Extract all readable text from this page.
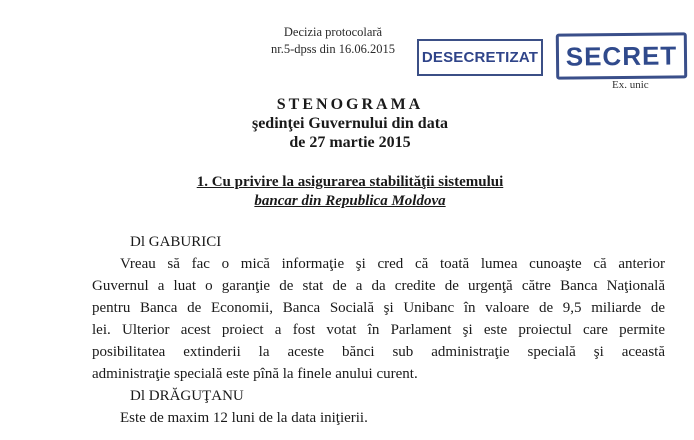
Decizia protocolară
nr.5-dpss din 16.06.2015	DESECRETIZAT	SECRET
Ex. unic
STENOGRAMA
şedinţei Guvernului din data
de 27 martie 2015
1. Cu privire la asigurarea stabilităţii sistemului
bancar din Republica Moldova
Dl GABURICI
Vreau să fac o mică informaţie şi cred că toată lumea cunoaşte că anterior
Guvernul a luat o garanţie de stat de a da credite de urgenţă către Banca Naţională
pentru Banca de Economii, Banca Socială şi Unibanc în valoare de 9,5 miliarde de
lei. Ulterior acest proiect a fost votat în Parlament şi este proiectul care permite
posibilitatea extinderii la aceste bănci sub administraţie specială şi această
administraţie specială este pînă la finele anului curent.
Dl DRĂGUŢANU
Este de maxim 12 luni de la data iniţierii.
